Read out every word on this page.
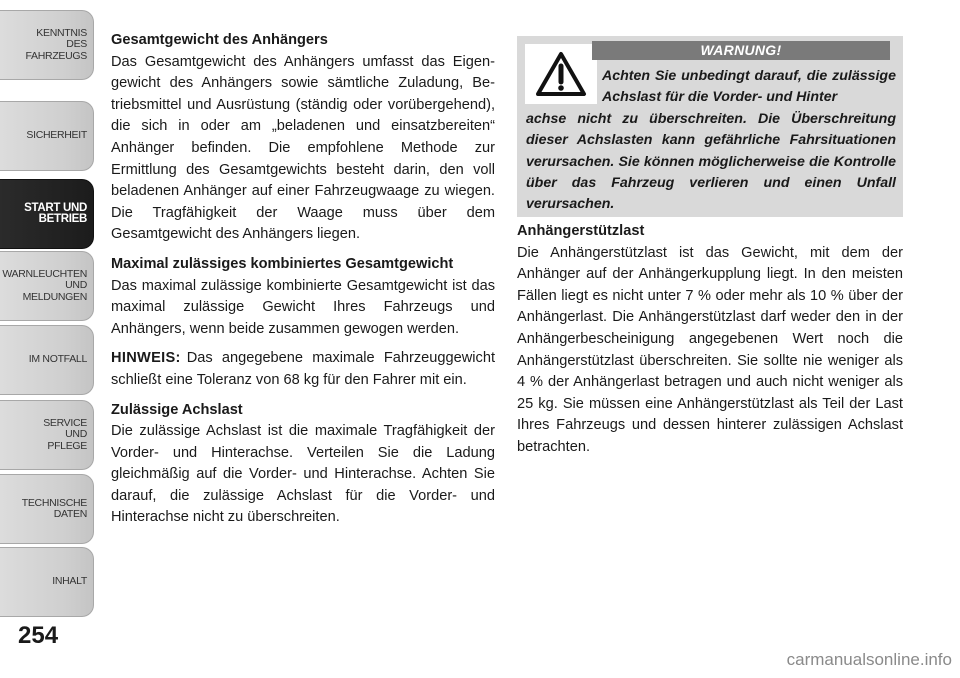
KENNTNIS
DES
FAHRZEUGS
SICHERHEIT
START UND
BETRIEB
WARNLEUCHTEN
UND
MELDUNGEN
IM NOTFALL
SERVICE
UND
PFLEGE
TECHNISCHE
DATEN
INHALT
254

Gesamtgewicht des Anhängers

Das Gesamtgewicht des Anhängers umfasst das Eigengewicht des Anhängers sowie sämtliche Zuladung, Betriebsmittel und Ausrüstung (ständig oder vorübergehend), die sich in oder am „beladenen und einsatzbereiten“ Anhänger befinden. Die empfohlene Methode zur Ermittlung des Gesamtgewichts besteht darin, den voll beladenen Anhänger auf einer Fahrzeugwaage zu wiegen. Die Tragfähigkeit der Waage muss über dem Gesamtgewicht des Anhängers liegen.

Maximal zulässiges kombiniertes Gesamtgewicht

Das maximal zulässige kombinierte Gesamtgewicht ist das maximal zulässige Gewicht Ihres Fahrzeugs und Anhängers, wenn beide zusammen gewogen werden.

HINWEIS: Das angegebene maximale Fahrzeuggewicht schließt eine Toleranz von 68 kg für den Fahrer mit ein.

Zulässige Achslast

Die zulässige Achslast ist die maximale Tragfähigkeit der Vorder- und Hinterachse. Verteilen Sie die Ladung gleichmäßig auf die Vorder- und Hinterachse. Achten Sie darauf, die zulässige Achslast für die Vorder- und Hinterachse nicht zu überschreiten.

WARNUNG!
Achten Sie unbedingt darauf, die zulässige Achslast für die Vorder- und Hinter
achse nicht zu überschreiten. Die Überschreitung dieser Achslasten kann gefährliche Fahrsituationen verursachen. Sie können möglicherweise die Kontrolle über das Fahrzeug verlieren und einen Unfall verursachen.

Anhängerstützlast

Die Anhängerstützlast ist das Gewicht, mit dem der Anhänger auf der Anhängerkupplung liegt. In den meisten Fällen liegt es nicht unter 7 % oder mehr als 10 % über der Anhängerlast. Die Anhängerstützlast darf weder den in der Anhängerbescheinigung angegebenen Wert noch die Anhängerstützlast überschreiten. Sie sollte nie weniger als 4 % der Anhängerlast betragen und auch nicht weniger als 25 kg. Sie müssen eine Anhängerstützlast als Teil der Last Ihres Fahrzeugs und dessen hinterer zulässigen Achslast betrachten.

carmanualsonline.info
